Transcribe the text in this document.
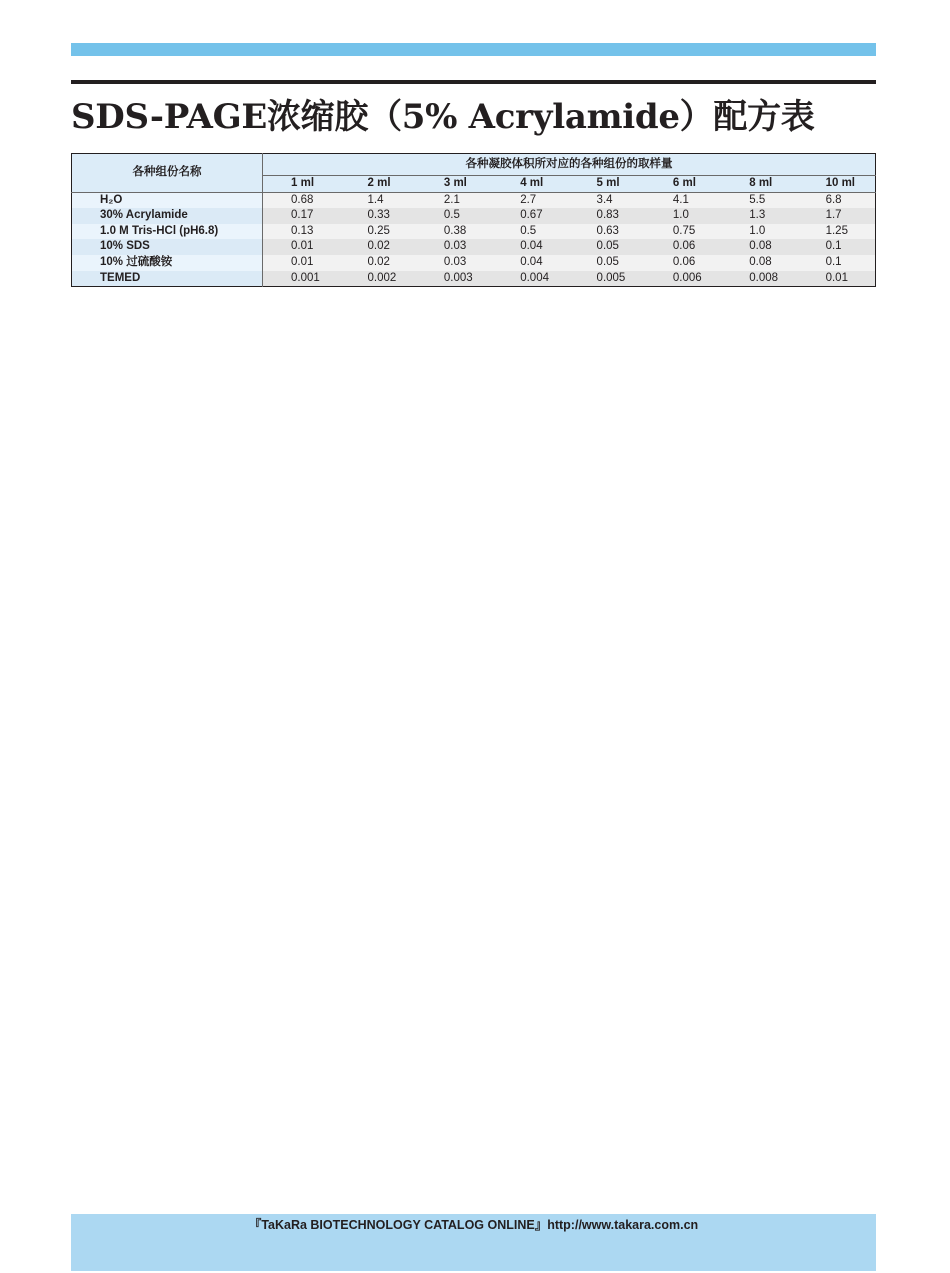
SDS-PAGE浓缩胶（5% Acrylamide）配方表
各种组份名称	各种凝胶体积所对应的各种组份的取样量							
	1 ml	2 ml	3 ml	4 ml	5 ml	6 ml	8 ml	10 ml
H₂O	0.68	1.4	2.1	2.7	3.4	4.1	5.5	6.8
30% Acrylamide	0.17	0.33	0.5	0.67	0.83	1.0	1.3	1.7
1.0 M Tris-HCl (pH6.8)	0.13	0.25	0.38	0.5	0.63	0.75	1.0	1.25
10% SDS	0.01	0.02	0.03	0.04	0.05	0.06	0.08	0.1
10% 过硫酸铵	0.01	0.02	0.03	0.04	0.05	0.06	0.08	0.1
TEMED	0.001	0.002	0.003	0.004	0.005	0.006	0.008	0.01
『TaKaRa BIOTECHNOLOGY CATALOG ONLINE』http://www.takara.com.cn
